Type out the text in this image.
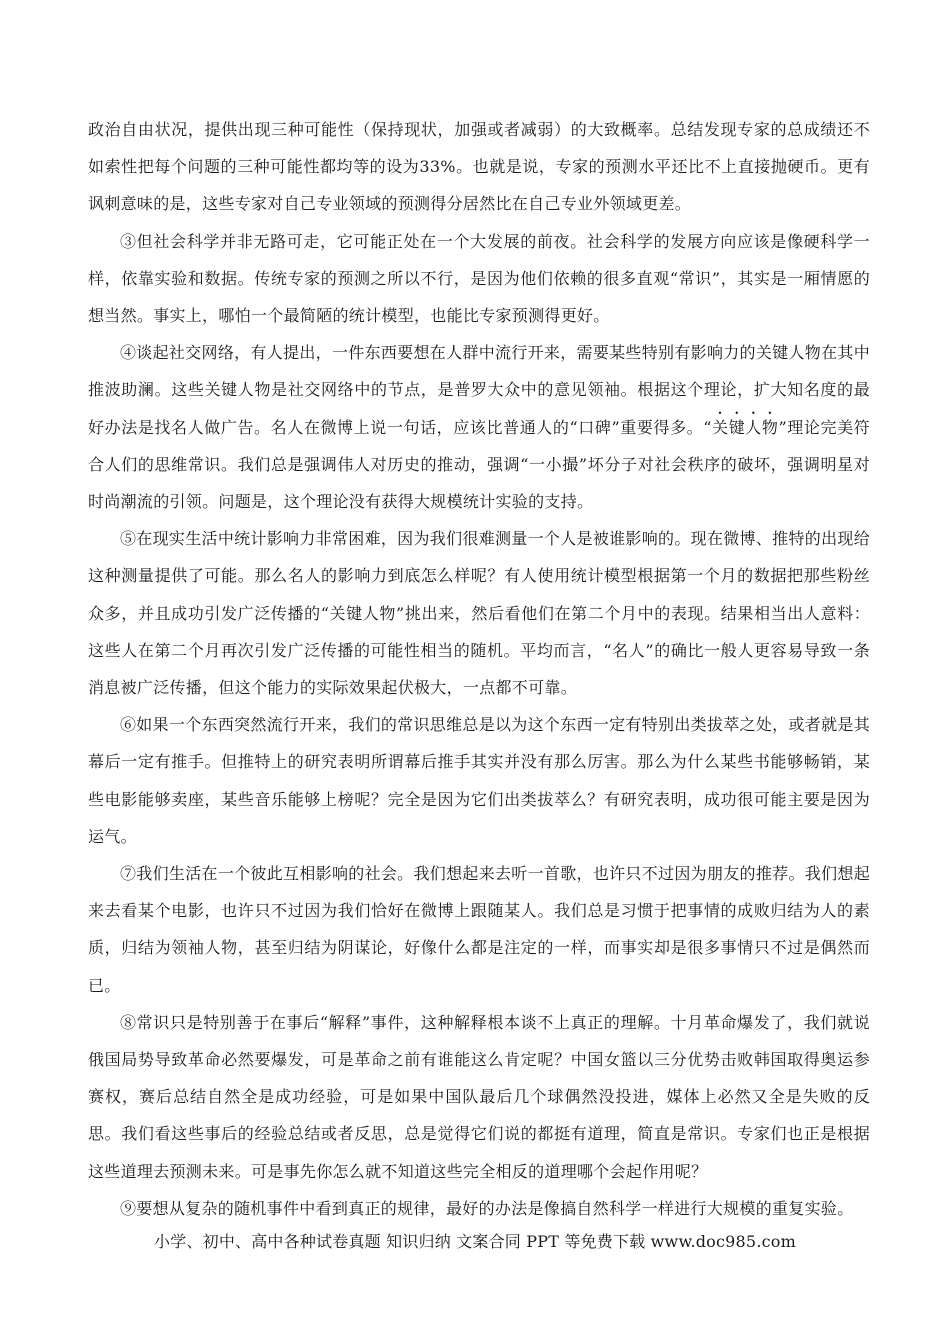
政治自由状况，提供出现三种可能性（保持现状，加强或者减弱）的大致概率。总结发现专家的总成绩还不如索性把每个问题的三种可能性都均等的设为33%。也就是说，专家的预测水平还比不上直接抛硬币。更有讽刺意味的是，这些专家对自己专业领域的预测得分居然比在自己专业外领域更差。

③但社会科学并非无路可走，它可能正处在一个大发展的前夜。社会科学的发展方向应该是像硬科学一样，依靠实验和数据。传统专家的预测之所以不行，是因为他们依赖的很多直观“常识”，其实是一厢情愿的想当然。事实上，哪怕一个最简陋的统计模型，也能比专家预测得更好。

④谈起社交网络，有人提出，一件东西要想在人群中流行开来，需要某些特别有影响力的关键人物在其中推波助澜。这些关键人物是社交网络中的节点，是普罗大众中的意见领袖。根据这个理论，扩大知名度的最好办法是找名人做广告。名人在微博上说一句话，应该比普通人的“口碑”重要得多。“关键人物”理论完美符合人们的思维常识。我们总是强调伟人对历史的推动，强调“一小撮”坏分子对社会秩序的破坏，强调明星对时尚潮流的引领。问题是，这个理论没有获得大规模统计实验的支持。

⑤在现实生活中统计影响力非常困难，因为我们很难测量一个人是被谁影响的。现在微博、推特的出现给这种测量提供了可能。那么名人的影响力到底怎么样呢？有人使用统计模型根据第一个月的数据把那些粉丝众多，并且成功引发广泛传播的“关键人物”挑出来，然后看他们在第二个月中的表现。结果相当出人意料：这些人在第二个月再次引发广泛传播的可能性相当的随机。平均而言，“名人”的确比一般人更容易导致一条消息被广泛传播，但这个能力的实际效果起伏极大，一点都不可靠。

⑥如果一个东西突然流行开来，我们的常识思维总是以为这个东西一定有特别出类拔萃之处，或者就是其幕后一定有推手。但推特上的研究表明所谓幕后推手其实并没有那么厉害。那么为什么某些书能够畅销，某些电影能够卖座，某些音乐能够上榜呢？完全是因为它们出类拔萃么？有研究表明，成功很可能主要是因为运气。

⑦我们生活在一个彼此互相影响的社会。我们想起来去听一首歌，也许只不过因为朋友的推荐。我们想起来去看某个电影，也许只不过因为我们恰好在微博上跟随某人。我们总是习惯于把事情的成败归结为人的素质，归结为领袖人物，甚至归结为阴谋论，好像什么都是注定的一样，而事实却是很多事情只不过是偶然而已。

⑧常识只是特别善于在事后“解释”事件，这种解释根本谈不上真正的理解。十月革命爆发了，我们就说俄国局势导致革命必然要爆发，可是革命之前有谁能这么肯定呢？中国女篮以三分优势击败韩国取得奥运参赛权，赛后总结自然全是成功经验，可是如果中国队最后几个球偶然没投进，媒体上必然又全是失败的反思。我们看这些事后的经验总结或者反思，总是觉得它们说的都挺有道理，简直是常识。专家们也正是根据这些道理去预测未来。可是事先你怎么就不知道这些完全相反的道理哪个会起作用呢？

⑨要想从复杂的随机事件中看到真正的规律，最好的办法是像搞自然科学一样进行大规模的重复实验。

小学、初中、高中各种试卷真题 知识归纳 文案合同 PPT 等免费下载 www.doc985.com
